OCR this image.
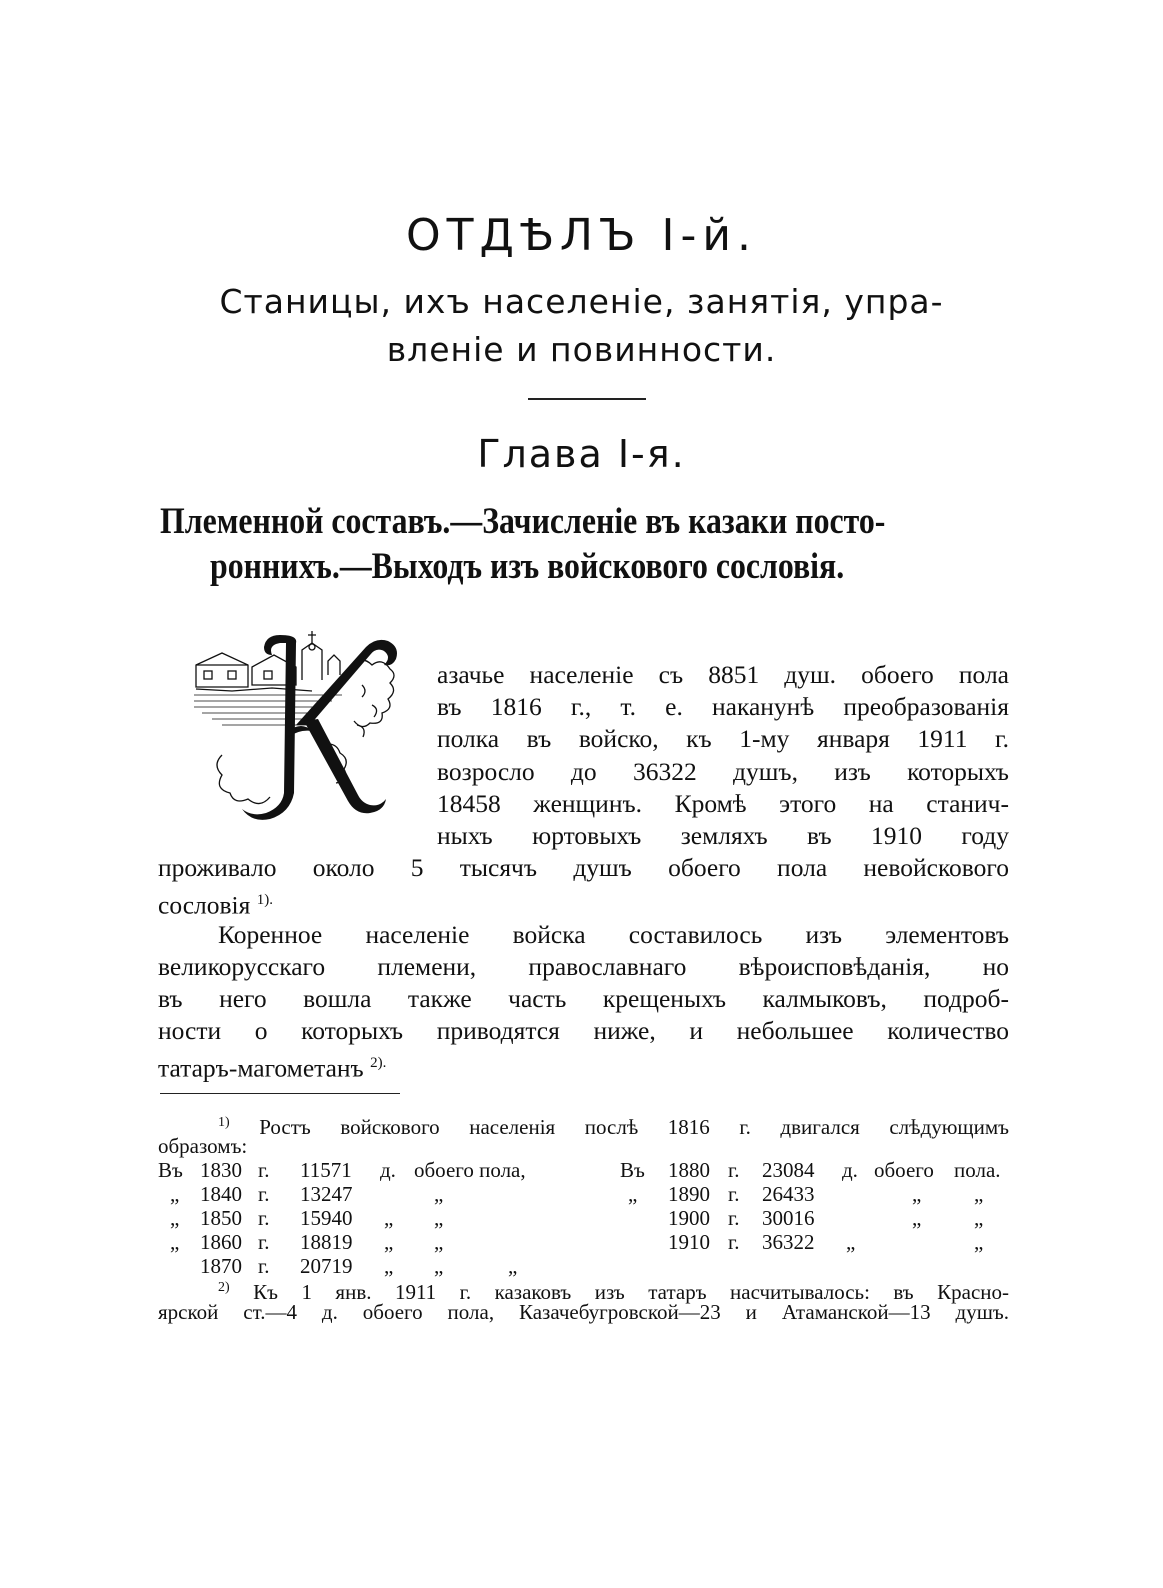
ОТДѢЛЪ I-й.
Станицы, ихъ населеніе, занятія, упра-
вленіе и повинности.
Глава I-я.
Племенной составъ.—Зачисленіе въ казаки посто-
роннихъ.—Выходъ изъ войскового сословія.
азачье населеніе съ 8851 душ. обоего пола
въ 1816 г., т. е. наканунѣ преобразованія
полка въ войско, къ 1-му января 1911 г.
возросло до 36322 душъ, изъ которыхъ
18458 женщинъ. Кромѣ этого на станич-
ныхъ юртовыхъ земляхъ въ 1910 году
проживало около 5 тысячъ душъ обоего пола невойскового
сословія $^{1).}$
Коренное населеніе войска составилось изъ элементовъ
великорусскаго племени, православнаго вѣроисповѣданія, но
въ него вошла также часть крещеныхъ калмыковъ, подроб-
ности о которыхъ приводятся ниже, и небольшее количество
татаръ-магометанъ $^{2).}$
$^{1)}$ Ростъ войскового населенія послѣ 1816 г. двигался слѣдующимъ
образомъ:
Въ 1830 г. 11571 д. обоего пола,
„ 1840 г. 13247	„
„ 1850 г. 15940 „ „
„ 1860 г. 18819 „ „
1870 г. 20719 „ „	„
Въ 1880 г. 23084 д. обоего пола.
„ 1890 г. 26433	„	„
1900 г. 30016	„	„
1910 г. 36322 „	„
$^{2)}$ Къ 1 янв. 1911 г. казаковъ изъ татаръ насчитывалось: въ Красно-
ярской ст.—4 д. обоего пола, Казачебугровской—23 и Атаманской—13 душъ.
